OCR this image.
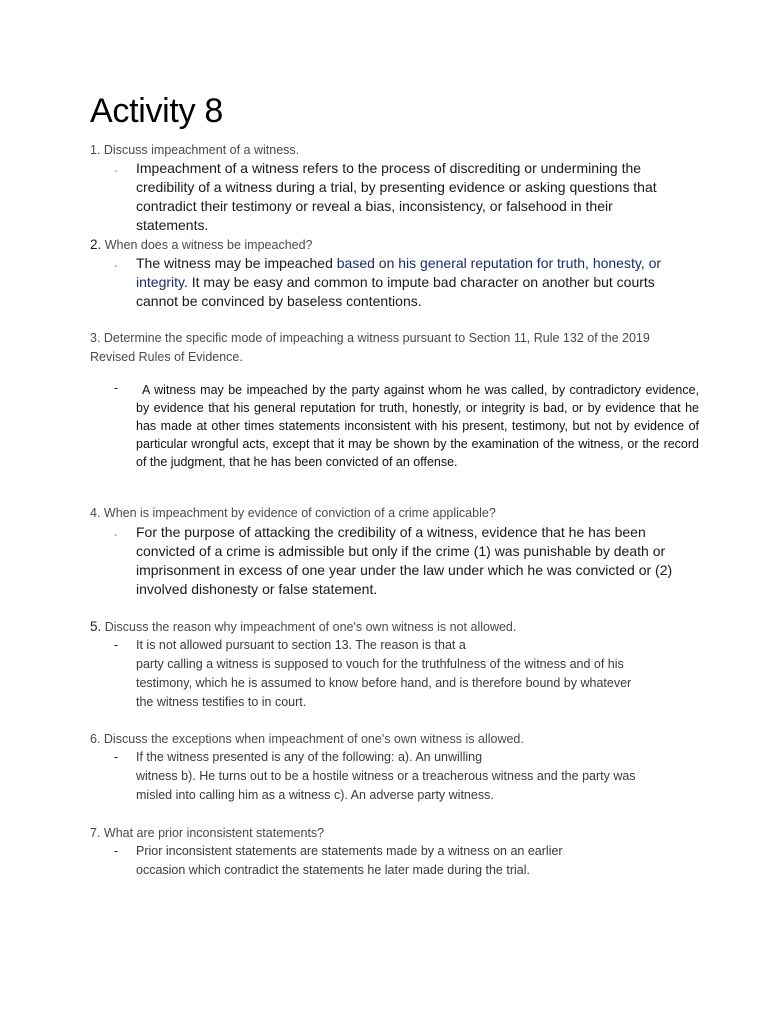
Activity 8

1. Discuss impeachment of a witness.

- Impeachment of a witness refers to the process of discrediting or undermining the credibility of a witness during a trial, by presenting evidence or asking questions that contradict their testimony or reveal a bias, inconsistency, or falsehood in their statements.

2. When does a witness be impeached?

- The witness may be impeached based on his general reputation for truth, honesty, or integrity. It may be easy and common to impute bad character on another but courts cannot be convinced by baseless contentions.

3. Determine the specific mode of impeaching a witness pursuant to Section 11, Rule 132 of the 2019 Revised Rules of Evidence.

-	A witness may be impeached by the party against whom he was called, by contradictory evidence, by evidence that his general reputation for truth, honestly, or integrity is bad, or by evidence that he has made at other times statements inconsistent with his present, testimony, but not by evidence of particular wrongful acts, except that it may be shown by the examination of the witness, or the record of the judgment, that he has been convicted of an offense.

4. When is impeachment by evidence of conviction of a crime applicable?

- For the purpose of attacking the credibility of a witness, evidence that he has been convicted of a crime is admissible but only if the crime (1) was punishable by death or imprisonment in excess of one year under the law under which he was convicted or (2) involved dishonesty or false statement.

5. Discuss the reason why impeachment of one's own witness is not allowed.

- It is not allowed pursuant to section 13. The reason is that a
party calling a witness is supposed to vouch for the truthfulness of the witness and of his testimony, which he is assumed to know before hand, and is therefore bound by whatever the witness testifies to in court.

6. Discuss the exceptions when impeachment of one's own witness is allowed.

- If the witness presented is any of the following: a). An unwilling
witness b). He turns out to be a hostile witness or a treacherous witness and the party was misled into calling him as a witness c). An adverse party witness.

7. What are prior inconsistent statements?

- Prior inconsistent statements are statements made by a witness on an earlier occasion which contradict the statements he later made during the trial.
